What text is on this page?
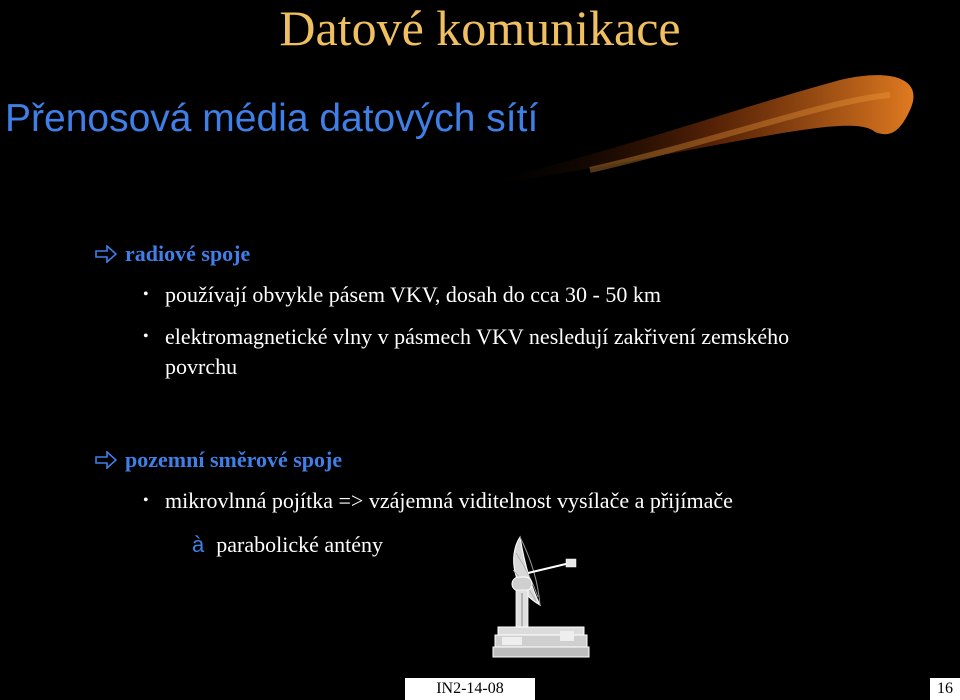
Datové komunikace
Přenosová média datových sítí
radiové spoje
• používají obvykle pásem VKV, dosah do cca 30 - 50 km
• elektromagnetické vlny v pásmech VKV nesledují zakřivení zemského povrchu
pozemní směrové spoje
• mikrovlnná pojítka => vzájemná viditelnost vysílače a přijímače
à parabolické antény
IN2-14-08	16
